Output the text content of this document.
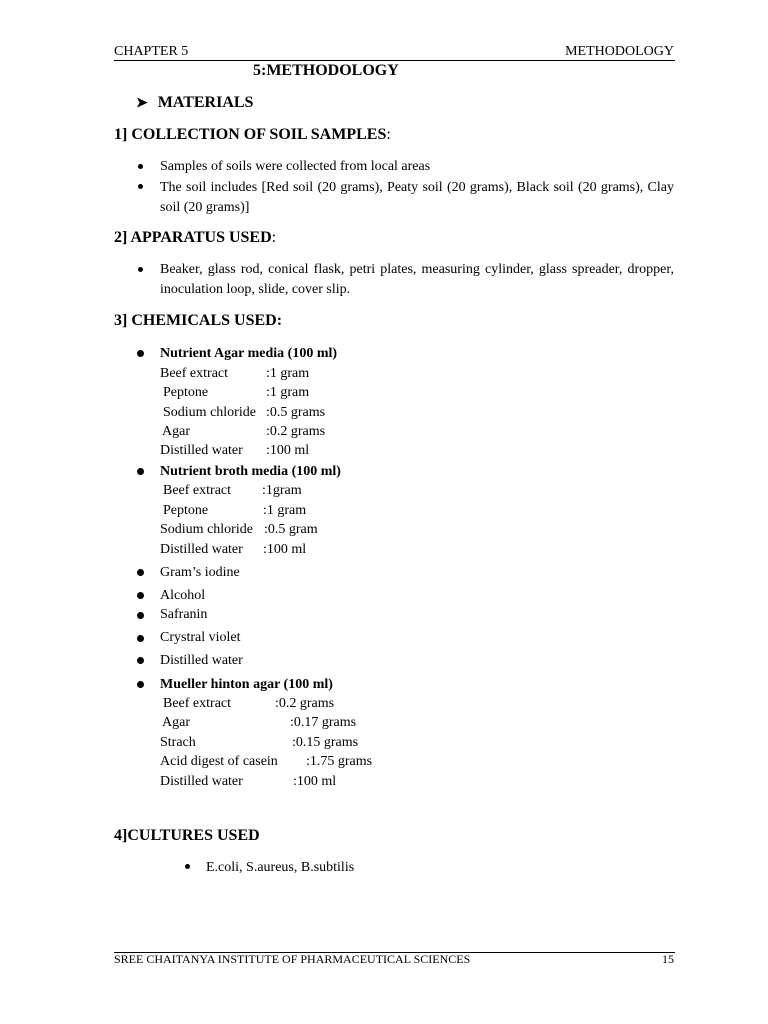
CHAPTER 5	METHODOLOGY
5:METHODOLOGY
➤ MATERIALS
1] COLLECTION OF SOIL SAMPLES:
Samples of soils were collected from local areas
The soil includes [Red soil (20 grams), Peaty soil (20 grams), Black soil (20 grams), Clay soil (20 grams)]
2] APPARATUS USED:
Beaker, glass rod, conical flask, petri plates, measuring cylinder, glass spreader, dropper, inoculation loop, slide, cover slip.
3] CHEMICALS USED:
Nutrient Agar media (100 ml)
Beef extract	:1 gram
Peptone	:1 gram
Sodium chloride :0.5 grams
Agar	:0.2 grams
Distilled water :100 ml
Nutrient broth media (100 ml)
Beef extract :1gram
Peptone	:1 gram
Sodium chloride :0.5 gram
Distilled water :100 ml
Gram’s iodine
Alcohol
Safranin
Crystral violet
Distilled water
Mueller hinton agar (100 ml)
Beef extract	:0.2 grams
Agar	:0.17 grams
Strach	:0.15 grams
Acid digest of casein :1.75 grams
Distilled water	:100 ml
4]CULTURES USED
E.coli, S.aureus, B.subtilis
SREE CHAITANYA INSTITUTE OF PHARMACEUTICAL SCIENCES	15
